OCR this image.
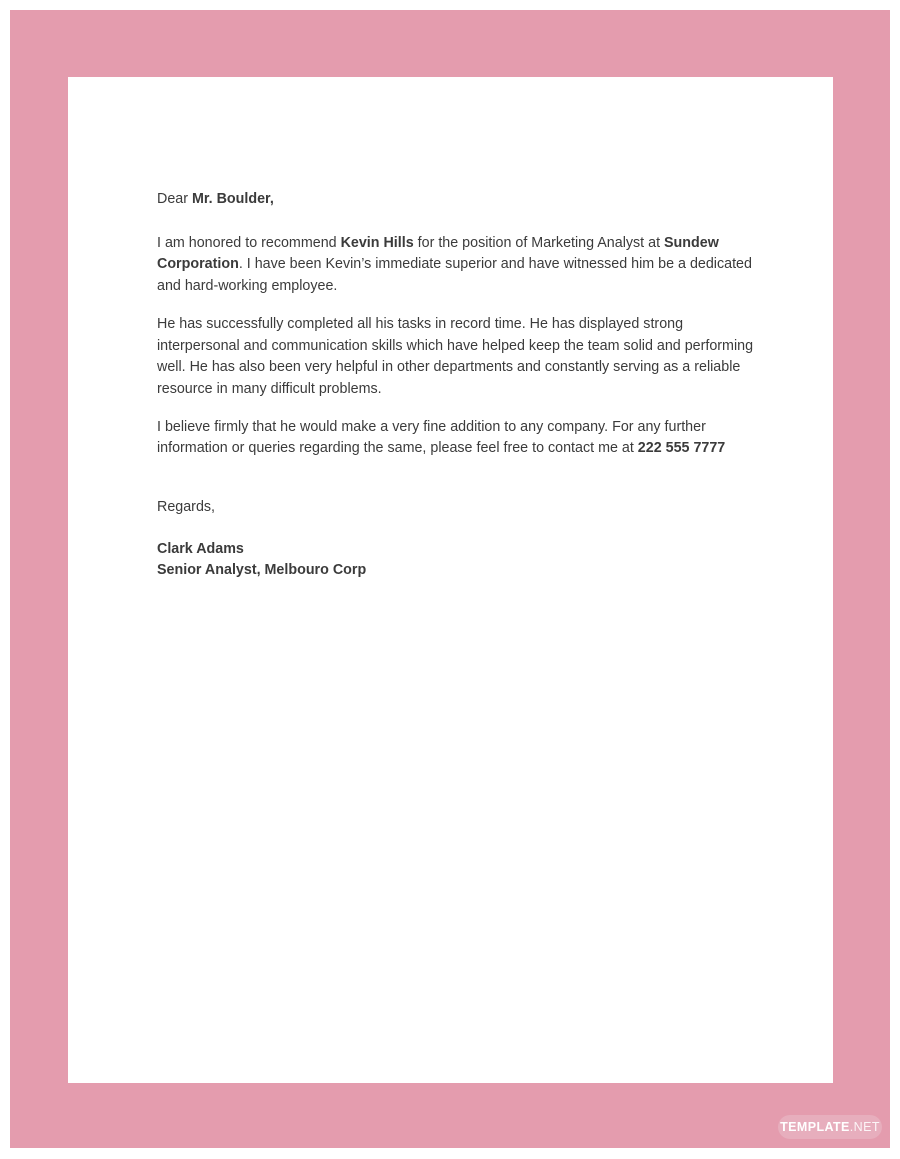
Dear Mr. Boulder,
I am honored to recommend Kevin Hills for the position of Marketing Analyst at Sundew Corporation. I have been Kevin’s immediate superior and have witnessed him be a dedicated and hard-working employee.
He has successfully completed all his tasks in record time. He has displayed strong interpersonal and communication skills which have helped keep the team solid and performing well. He has also been very helpful in other departments and constantly serving as a reliable resource in many difficult problems.
I believe firmly that he would make a very fine addition to any company. For any further information or queries regarding the same, please feel free to contact me at 222 555 7777
Regards,
Clark Adams
Senior Analyst, Melbouro Corp
TEMPLATE .NET
